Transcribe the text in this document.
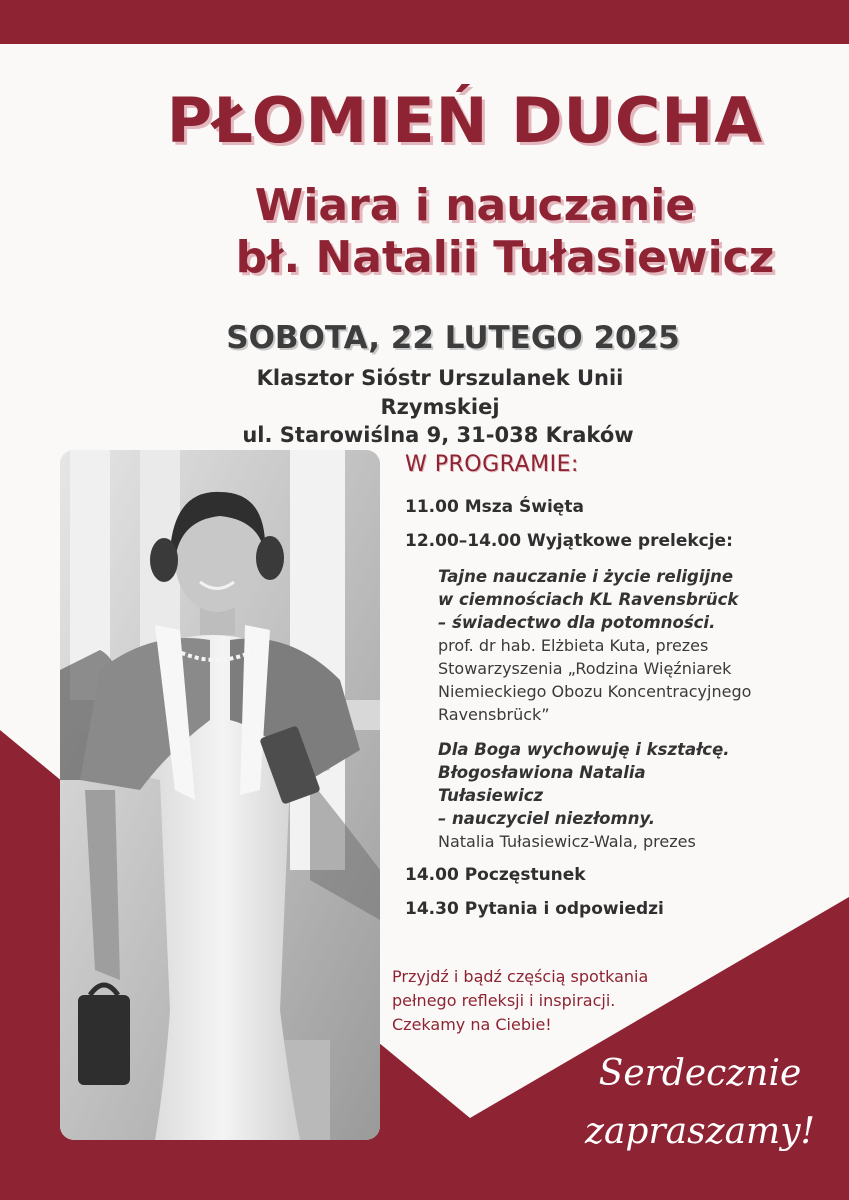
PŁOMIEŃ DUCHA
Wiara i nauczanie
bł. Natalii Tułasiewicz
SOBOTA, 22 LUTEGO 2025
Klasztor Sióstr Urszulanek Unii
Rzymskiej
ul. Starowiślna 9, 31-038 Kraków
W PROGRAMIE:
11.00 Msza Święta
12.00–14.00 Wyjątkowe prelekcje:
Tajne nauczanie i życie religijne
w ciemnościach KL Ravensbrück
– świadectwo dla potomności.
prof. dr hab. Elżbieta Kuta, prezes
Stowarzyszenia „Rodzina Więźniarek
Niemieckiego Obozu Koncentracyjnego
Ravensbrück”
Dla Boga wychowuję i kształcę.
Błogosławiona Natalia
Tułasiewicz
– nauczyciel niezłomny.
Natalia Tułasiewicz-Wala, prezes
14.00 Poczęstunek
14.30 Pytania i odpowiedzi
Przyjdź i bądź częścią spotkania
pełnego refleksji i inspiracji.
Czekamy na Ciebie!
Serdecznie
zapraszamy!
